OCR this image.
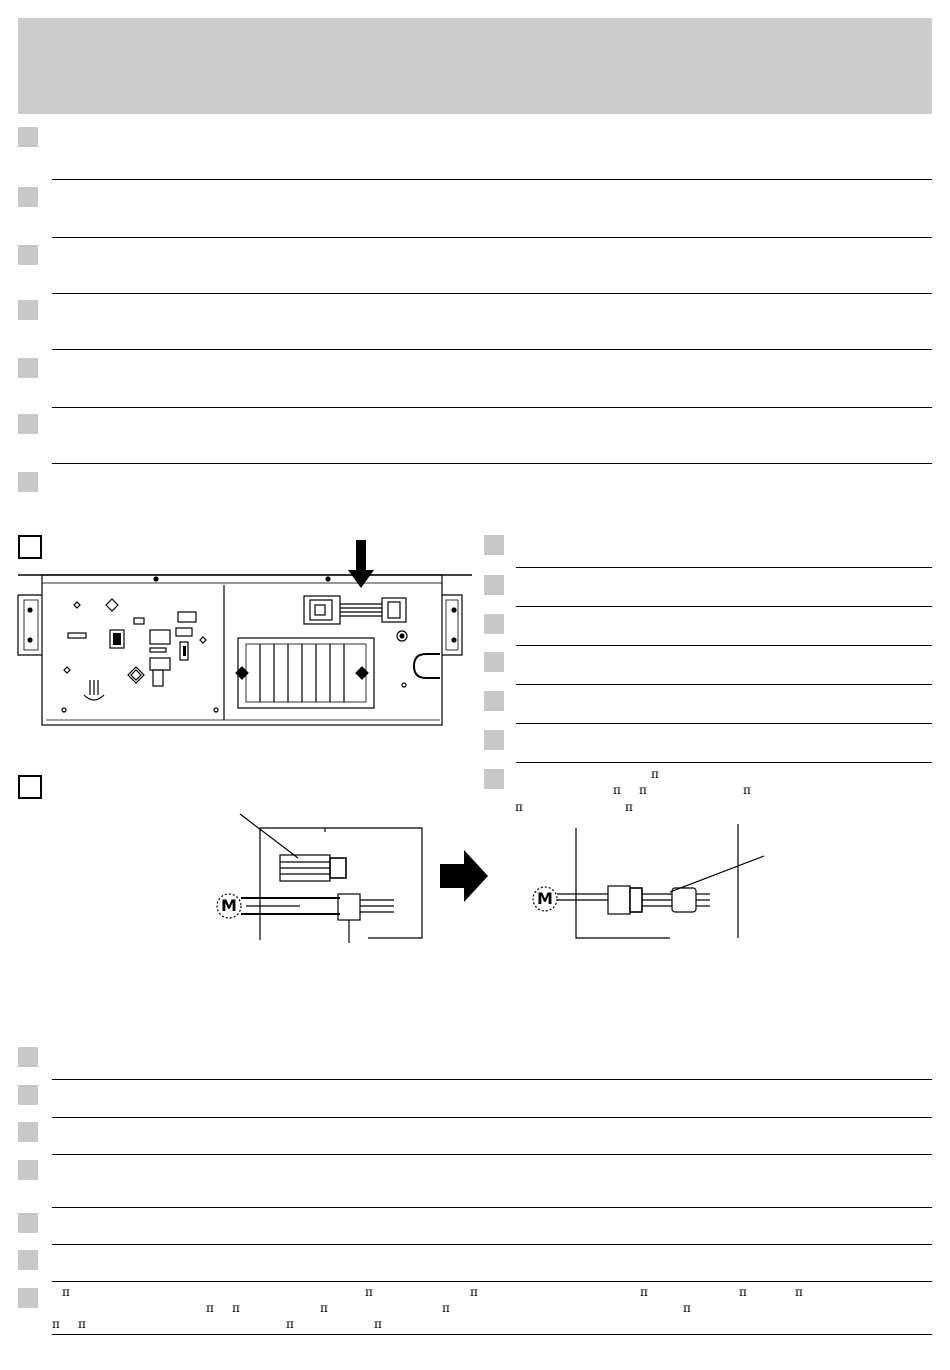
M	M
π
π π	π
π	π
π	π	π	π	π	π
π π	π	π	π
π π	π	π
